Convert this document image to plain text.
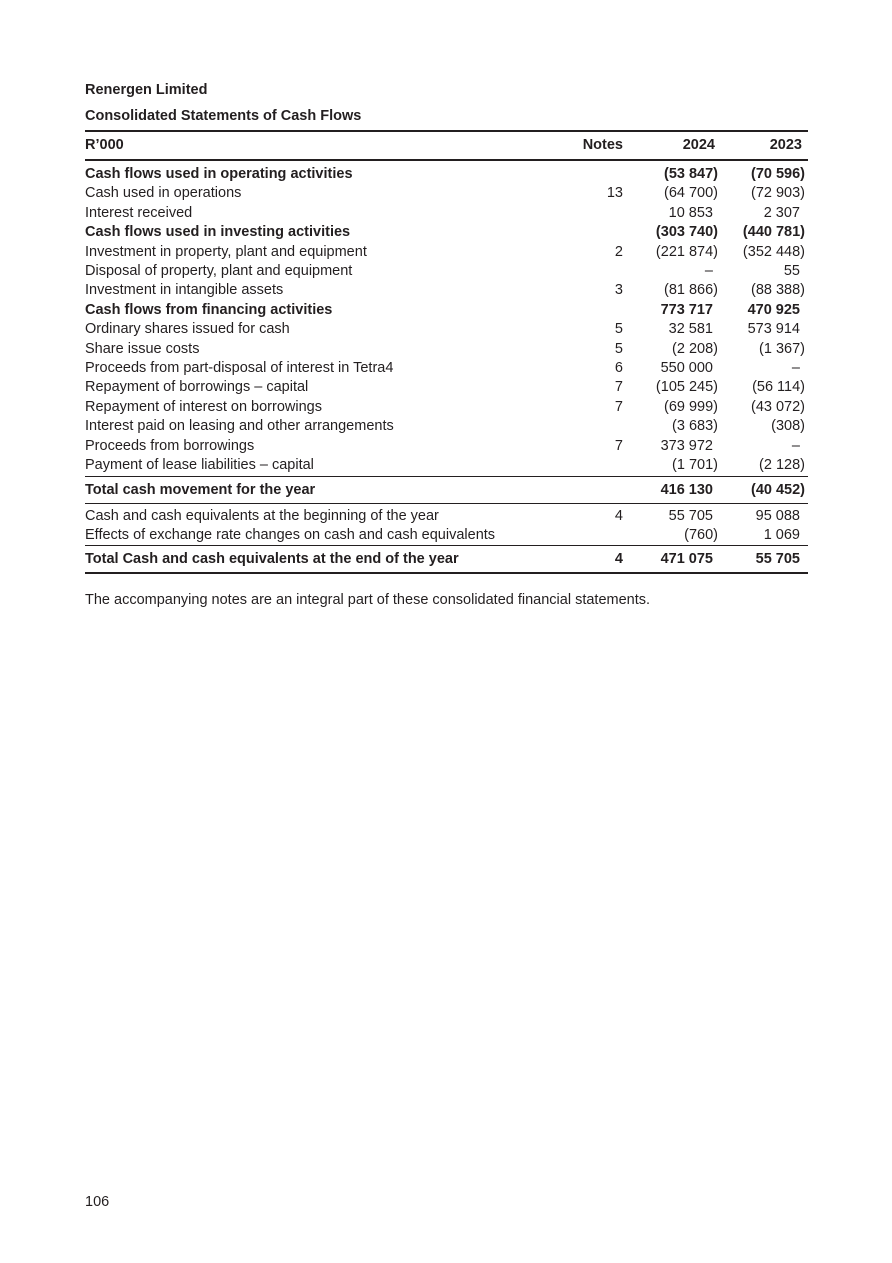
Renergen Limited
Consolidated Statements of Cash Flows
R’000	Notes	2024	2023
Cash flows used in operating activities		(53 847)	(70 596)
Cash used in operations	13	(64 700)	(72 903)
Interest received		10 853	2 307
Cash flows used in investing activities		(303 740)	(440 781)
Investment in property, plant and equipment	2	(221 874)	(352 448)
Disposal of property, plant and equipment		–	55
Investment in intangible assets	3	(81 866)	(88 388)
Cash flows from financing activities		773 717	470 925
Ordinary shares issued for cash	5	32 581	573 914
Share issue costs	5	(2 208)	(1 367)
Proceeds from part-disposal of interest in Tetra4	6	550 000	–
Repayment of borrowings – capital	7	(105 245)	(56 114)
Repayment of interest on borrowings	7	(69 999)	(43 072)
Interest paid on leasing and other arrangements		(3 683)	(308)
Proceeds from borrowings	7	373 972	–
Payment of lease liabilities – capital		(1 701)	(2 128)
Total cash movement for the year		416 130	(40 452)
Cash and cash equivalents at the beginning of the year	4	55 705	95 088
Effects of exchange rate changes on cash and cash equivalents		(760)	1 069
Total Cash and cash equivalents at the end of the year	4	471 075	55 705
The accompanying notes are an integral part of these consolidated financial statements.
106
